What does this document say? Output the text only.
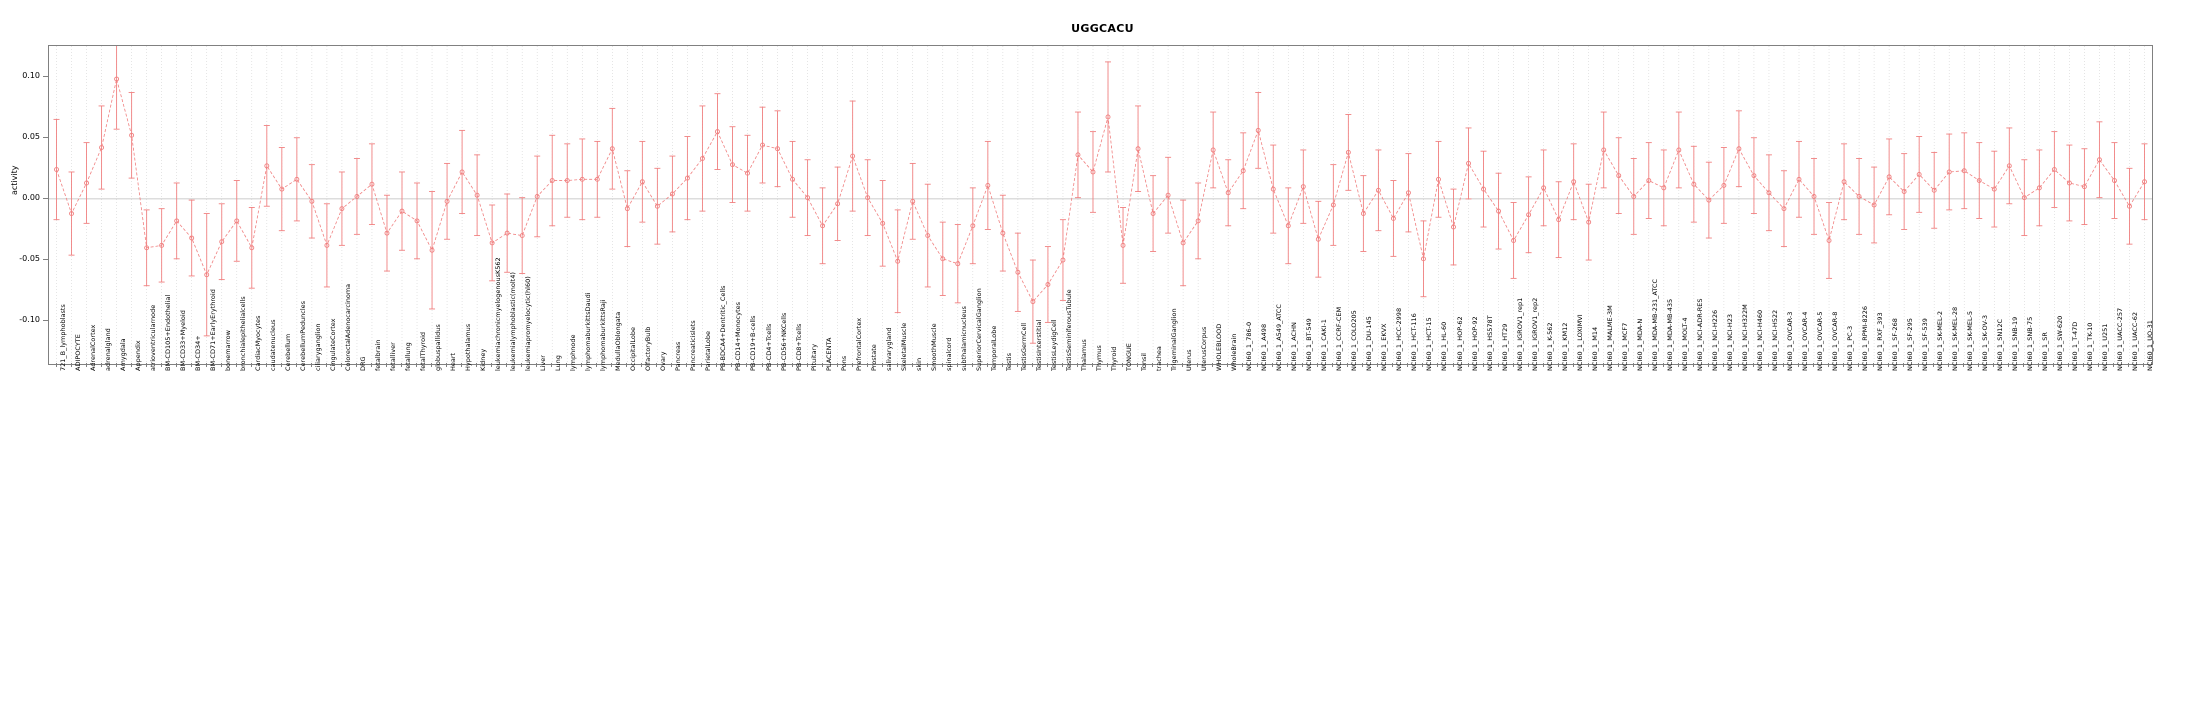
UGGCACU
activity
-0.10
-0.05
0.00
0.05
0.10
721_B_lymphoblasts ADIPOCYTE AdrenalCortex adrenalgland Amygdala Appendix atrioventricularnode BM-CD105+Endothelial BM-CD33+Myeloid BM-CD34+ BM-CD71+EarlyErythroid bonemarrow bronchialepithelialcells CardiacMyocytes caudatenucleus Cerebellum CerebellumPeduncles ciliaryganglion CingulateCortex ColorectalAdenocarcinoma DRG fetalbrain fetalliver fetallung fetalThyroid globuspallidus Heart Hypothalamus Kidney leukemiachronicmyelogenousK562 leukemialymphoblastic(molt4) leukemiapromyelocytic(hl60) Liver Lung lymphnode lymphomaburkittsDaudi lymphomaburkittsRaji MedullaOblongata OccipitalLobe OlfactoryBulb Ovary Pancreas Pancreaticislets ParietalLobe PB-BDCA4+Dentritic_Cells PB-CD14+Monocytes PB-CD19+B-cells PB-CD4+Tcells PB-CD56+NKCells PB-CD8+Tcells Pituitary PLACENTA Pons PrefrontalCortex Prostate salivarygland SkeletalMuscle skin SmoothMuscle spinalcord subthalamicnucleus SuperiorCervicalGanglion TemporalLobe Testis TestisGermCell TestisInterstitial TestisLeydigCell TestisSeminiferousTubule Thalamus Thymus Thyroid TONGUE Tonsil trachea TrigeminalGanglion Uterus UterusCorpus WHOLEBLOOD WholeBrain NCI60_1_786-0 NCI60_1_A498 NCI60_1_A549_ATCC NCI60_1_ACHN NCI60_1_BT-549 NCI60_1_CAKI-1 NCI60_1_CCRF-CEM NCI60_1_COLO205 NCI60_1_DU-145 NCI60_1_EKVX NCI60_1_HCC-2998 NCI60_1_HCT-116 NCI60_1_HCT-15 NCI60_1_HL-60 NCI60_1_HOP-62 NCI60_1_HOP-92 NCI60_1_HS578T NCI60_1_HT29 NCI60_1_IGROV1_rep1 NCI60_1_IGROV1_rep2 NCI60_1_K-562 NCI60_1_KM12 NCI60_1_LOXIMVI NCI60_1_M14 NCI60_1_MALME-3M NCI60_1_MCF7 NCI60_1_MDA-N NCI60_1_MDA-MB-231_ATCC NCI60_1_MDA-MB-435 NCI60_1_MOLT-4 NCI60_1_NCI-ADR-RES NCI60_1_NCI-H226 NCI60_1_NCI-H23 NCI60_1_NCI-H322M NCI60_1_NCI-H460 NCI60_1_NCI-H522 NCI60_1_OVCAR-3 NCI60_1_OVCAR-4 NCI60_1_OVCAR-5 NCI60_1_OVCAR-8 NCI60_1_PC-3 NCI60_1_RPMI-8226 NCI60_1_RXF_393 NCI60_1_SF-268 NCI60_1_SF-295 NCI60_1_SF-539 NCI60_1_SK-MEL-2 NCI60_1_SK-MEL-28 NCI60_1_SK-MEL-5 NCI60_1_SK-OV-3 NCI60_1_SN12C NCI60_1_SNB-19 NCI60_1_SNB-75 NCI60_1_SR NCI60_1_SW-620 NCI60_1_T-47D NCI60_1_TK-10 NCI60_1_U251 NCI60_1_UACC-257 NCI60_1_UACC-62 NCI60_1_UO-31
